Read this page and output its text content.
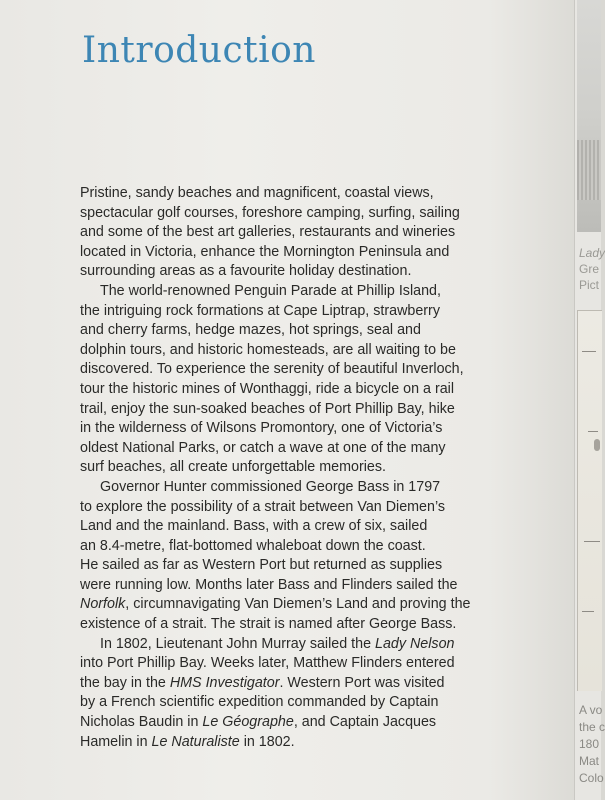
Introduction
Pristine, sandy beaches and magnificent, coastal views,
spectacular golf courses, foreshore camping, surfing, sailing
and some of the best art galleries, restaurants and wineries
located in Victoria, enhance the Mornington Peninsula and
surrounding areas as a favourite holiday destination.
The world-renowned Penguin Parade at Phillip Island,
the intriguing rock formations at Cape Liptrap, strawberry
and cherry farms, hedge mazes, hot springs, seal and
dolphin tours, and historic homesteads, are all waiting to be
discovered. To experience the serenity of beautiful Inverloch,
tour the historic mines of Wonthaggi, ride a bicycle on a rail
trail, enjoy the sun-soaked beaches of Port Phillip Bay, hike
in the wilderness of Wilsons Promontory, one of Victoria’s
oldest National Parks, or catch a wave at one of the many
surf beaches, all create unforgettable memories.
Governor Hunter commissioned George Bass in 1797
to explore the possibility of a strait between Van Diemen’s
Land and the mainland. Bass, with a crew of six, sailed
an 8.4-metre, flat-bottomed whaleboat down the coast.
He sailed as far as Western Port but returned as supplies
were running low. Months later Bass and Flinders sailed the
Norfolk, circumnavigating Van Diemen’s Land and proving the
existence of a strait. The strait is named after George Bass.
In 1802, Lieutenant John Murray sailed the Lady Nelson
into Port Phillip Bay. Weeks later, Matthew Flinders entered
the bay in the HMS Investigator. Western Port was visited
by a French scientific expedition commanded by Captain
Nicholas Baudin in Le Géographe, and Captain Jacques
Hamelin in Le Naturaliste in 1802.
Lady
Gre
Pict
A vo
the c
180
Mat
Colo
